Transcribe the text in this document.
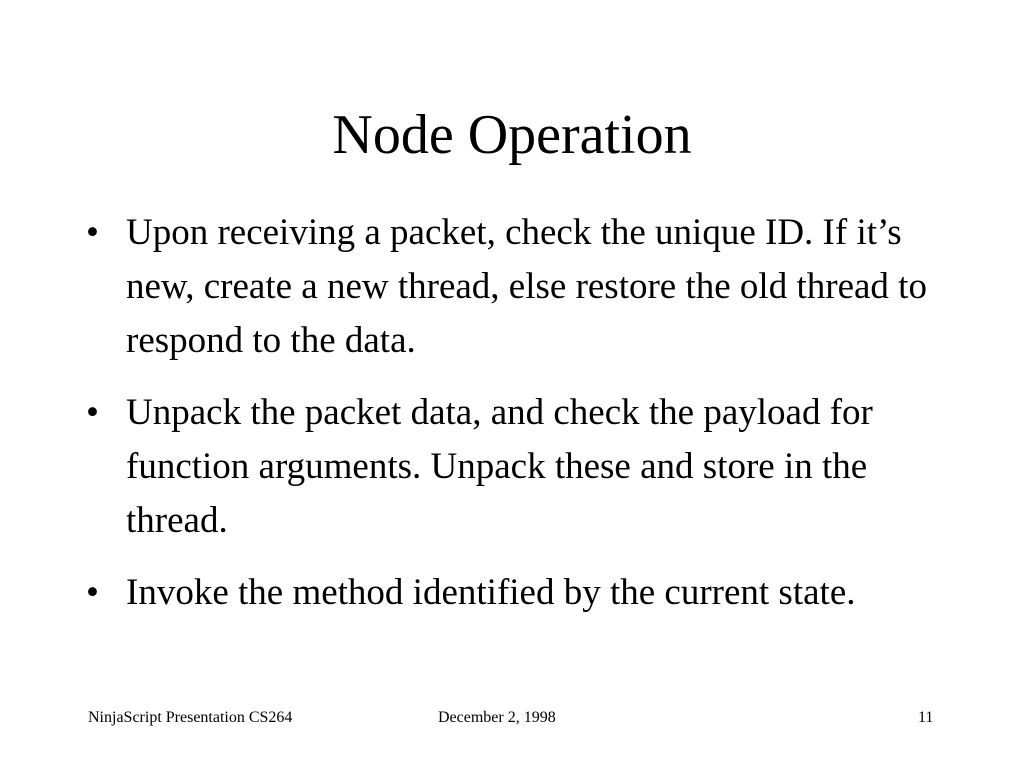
Node Operation
• Upon receiving a packet, check the unique ID. If it’s new, create a new thread, else restore the old thread to respond to the data.
• Unpack the packet data, and check the payload for function arguments. Unpack these and store in the thread.
• Invoke the method identified by the current state.
NinjaScript Presentation CS264	December 2, 1998	11
